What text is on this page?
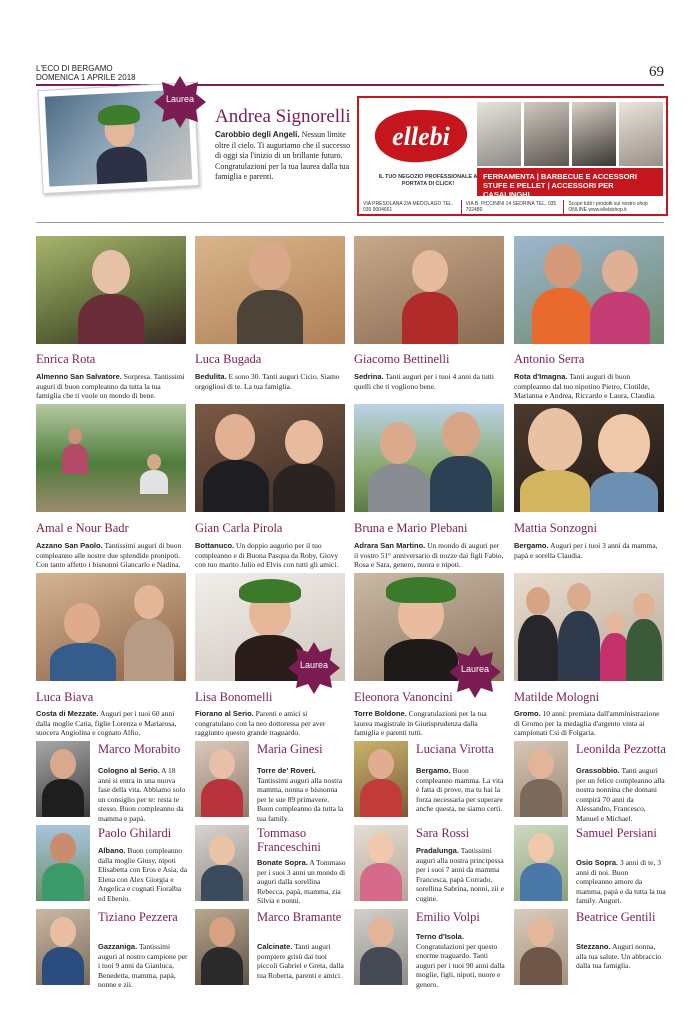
L'ECO DI BERGAMO
DOMENICA 1 APRILE 2018	69
Laurea
Andrea Signorelli
Carobbio degli Angeli. Nessun limite oltre il cielo. Ti auguriamo che il successo di oggi sia l'inizio di un brillante futuro. Congratulazioni per la tua laurea dalla tua famiglia e parenti.
ellebi
IL TUO NEGOZIO PROFESSIONALE A PORTATA DI CLICK!
FERRAMENTA | BARBECUE E ACCESSORI
STUFE E PELLET | ACCESSORI PER CASALINGHI
VIA PRESOLANA 2/A MEDOLAGO TEL. 035 9004661
VIA B. PICCININI 14 SEDRINA TEL. 035 702480
Scopri tutti i prodotti sul nostro shop ONLINE www.ellebishop.it
Enrica Rota	Luca Bugada	Giacomo Bettinelli	Antonio Serra
Almenno San Salvatore. Sorpresa. Tantissimi auguri di buon compleanno da tutta la tua famiglia che ti vuole un mondo di bene.
Bedulita. E sono 30. Tanti auguri Cicio. Siamo orgogliosi di te. La tua famiglia.
Sedrina. Tanti auguri per i tuoi 4 anni da tutti quelli che ti vogliono bene.
Rota d'Imagna. Tanti auguri di buon compleanno dal tuo nipotino Pietro, Clotilde, Marianna e Andrea, Riccardo e Laura, Claudia.
Amal e Nour Badr	Gian Carla Pirola	Bruna e Mario Plebani	Mattia Sonzogni
Azzano San Paolo. Tantissimi auguri di buon compleanno alle nostre due splendide pronipoti. Con tanto affetto i bisnonni Giancarlo e Nadina.
Bottanuco. Un doppio augurio per il tuo compleanno e di Buona Pasqua da Roby, Giovy con tuo marito Julio ed Elvis con tutti gli amici.
Adrara San Martino. Un mondo di auguri per il vostro 51° anniversario di nozze dai figli Fabio, Rosa e Sara, genero, nuora e nipoti.
Bergamo. Auguri per i tuoi 3 anni da mamma, papà e sorella Claudia.
Laurea	Laurea
Luca Biava	Lisa Bonomelli	Eleonora Vanoncini	Matilde Mologni
Costa di Mezzate. Auguri per i tuoi 60 anni dalla moglie Catia, figlie Lorenza e Mariarosa, suocera Angiolina e cognato Alfio.
Fiorano al Serio. Parenti e amici si congratulano con la neo dottoressa per aver raggiunto questo grande traguardo.
Torre Boldone. Congratulazioni per la tua laurea magistrale in Giurisprudenza dalla famiglia e parenti tutti.
Gromo. 10 anni: premiata dall'amministrazione di Gromo per la medaglia d'argento vinta ai campionati Csi di Folgaria.
Marco Morabito
Cologno al Serio. A 18 anni si entra in una nuova fase della vita. Abbiamo solo un consiglio per te: resta te stesso. Buon compleanno da mamma e papà.
Maria Ginesi
Torre de' Roveri. Tantissimi auguri alla nostra mamma, nonna e bisnonna per le sue 89 primavere. Buon compleanno da tutta la tua family.
Luciana Virotta
Bergamo. Buon compleanno mamma. La vita è fatta di prove, ma tu hai la forza necessaria per superare anche questa, ne siamo certi.
Leonilda Pezzotta
Grassobbio. Tanti auguri per un felice compleanno alla nostra nonnina che domani compirà 70 anni da Alessandro, Francesco, Manuel e Michael.
Paolo Ghilardi
Albano. Buon compleanno dalla moglie Giusy, nipoti Elisabetta con Eros e Asia, da Elena con Alex Giorgia e Angelica e cognati Fioralba ed Ebenio.
Tommaso Franceschini
Bonate Sopra. A Tommaso per i suoi 3 anni un mondo di auguri dalla sorellina Rebecca, papà, mamma, zia Silvia e nonni.
Sara Rossi
Pradalunga. Tantissimi auguri alla nostra principessa per i suoi 7 anni da mamma Francesca, papà Corrado, sorellina Sabrina, nonni, zii e cugine.
Samuel Persiani
Osio Sopra. 3 anni di te, 3 anni di noi. Buon compleanno amore da mamma, papà e da tutta la tua family. Auguri.
Tiziano Pezzera
Gazzaniga. Tantissimi auguri al nostro campione per i tuoi 9 anni da Gianluca, Benedetta, mamma, papà, nonne e zii.
Marco Bramante
Calcinate. Tanti auguri pompiere grisù dai tuoi piccoli Gabriel e Greta, dalla tua Roberta, parenti e amici.
Emilio Volpi
Terno d'Isola. Congratulazioni per questo enorme traguardo. Tanti auguri per i tuoi 90 anni dalla moglie, figli, nipoti, nuore e genero.
Beatrice Gentili
Stezzano. Auguri nonna, alla tua salute. Un abbraccio dalla tua famiglia.
